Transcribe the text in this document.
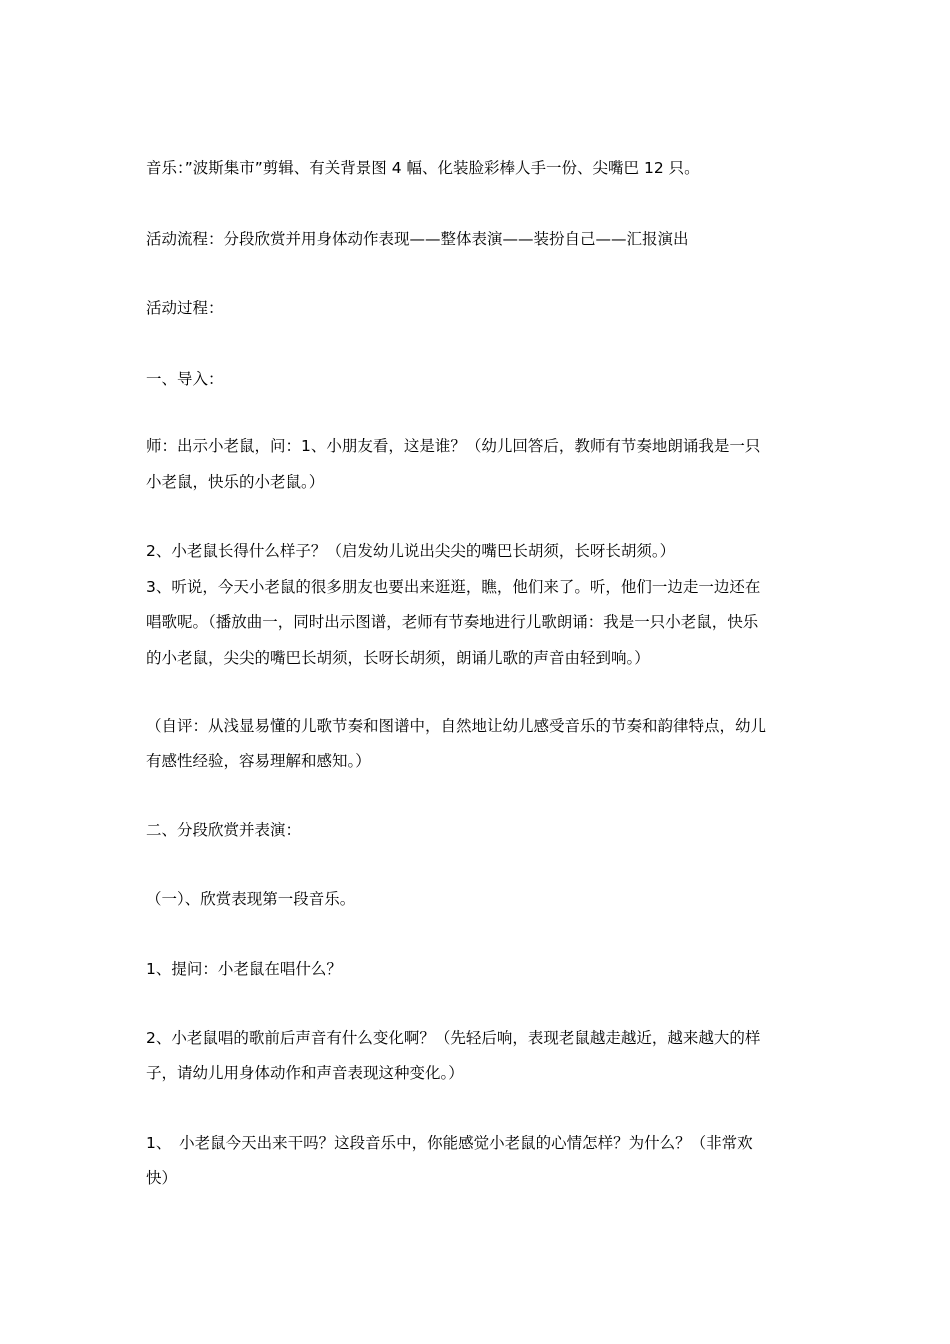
音乐：”波斯集市”剪辑、有关背景图 4 幅、化装脸彩棒人手一份、尖嘴巴 12 只。
活动流程：分段欣赏并用身体动作表现——整体表演——装扮自己——汇报演出
活动过程：
一、导入：
师：出示小老鼠，问：1、小朋友看，这是谁？（幼儿回答后，教师有节奏地朗诵我是一只
小老鼠，快乐的小老鼠。）
2、小老鼠长得什么样子？（启发幼儿说出尖尖的嘴巴长胡须，长呀长胡须。）
3、听说，今天小老鼠的很多朋友也要出来逛逛，瞧，他们来了。听，他们一边走一边还在
唱歌呢。（播放曲一，同时出示图谱，老师有节奏地进行儿歌朗诵：我是一只小老鼠，快乐
的小老鼠，尖尖的嘴巴长胡须，长呀长胡须，朗诵儿歌的声音由轻到响。）
（自评：从浅显易懂的儿歌节奏和图谱中，自然地让幼儿感受音乐的节奏和韵律特点，幼儿
有感性经验，容易理解和感知。）
二、分段欣赏并表演：
（一）、欣赏表现第一段音乐。
1、提问：小老鼠在唱什么？
2、小老鼠唱的歌前后声音有什么变化啊？（先轻后响，表现老鼠越走越近，越来越大的样
子，请幼儿用身体动作和声音表现这种变化。）
1、　小老鼠今天出来干吗？这段音乐中，你能感觉小老鼠的心情怎样？为什么？（非常欢
快）
